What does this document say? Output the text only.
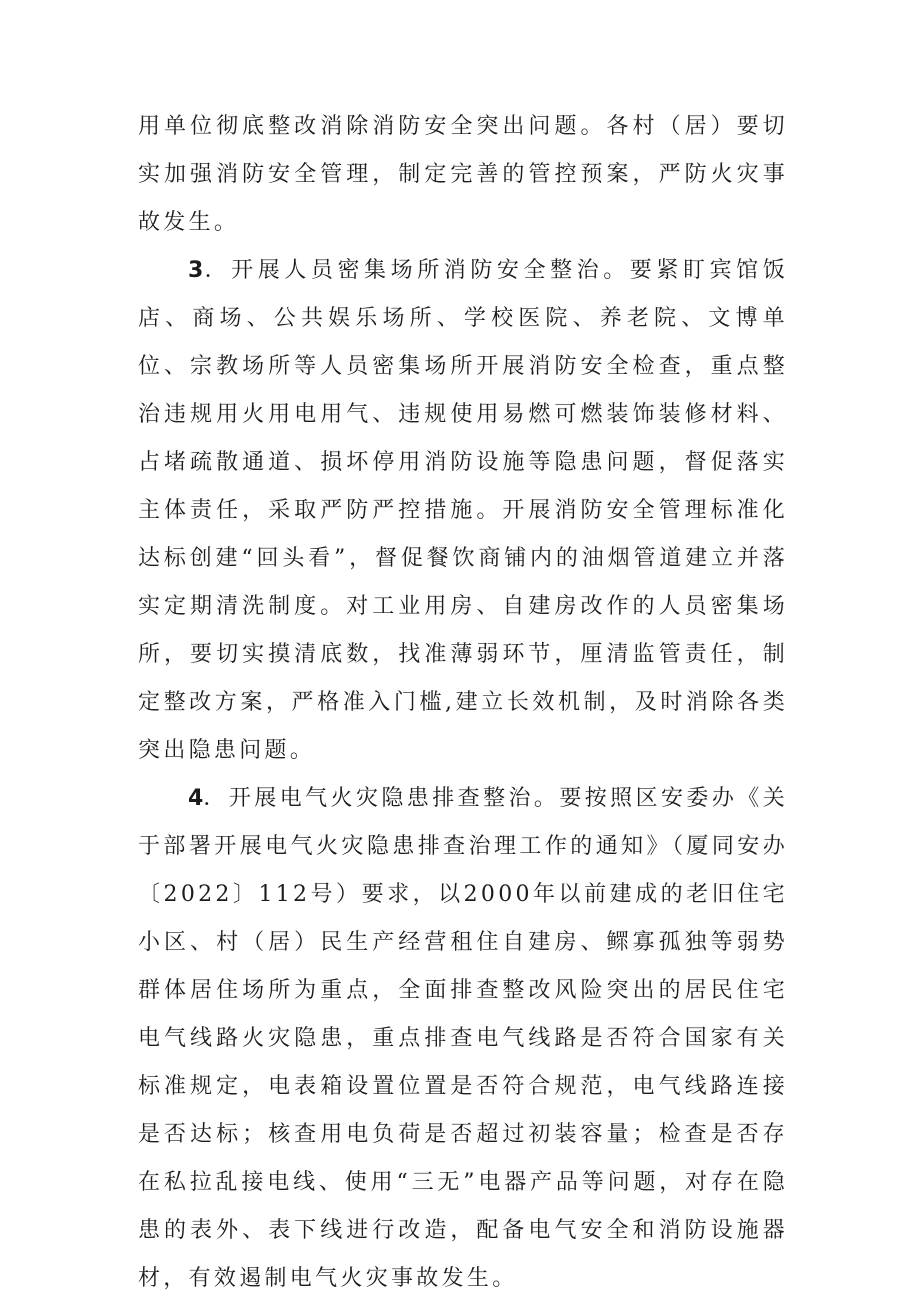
用单位彻底整改消除消防安全突出问题。各村（居）要切实加强消防安全管理，制定完善的管控预案，严防火灾事故发生。

3．开展人员密集场所消防安全整治。要紧盯宾馆饭店、商场、公共娱乐场所、学校医院、养老院、文博单位、宗教场所等人员密集场所开展消防安全检查，重点整治违规用火用电用气、违规使用易燃可燃装饰装修材料、占堵疏散通道、损坏停用消防设施等隐患问题，督促落实主体责任，采取严防严控措施。开展消防安全管理标准化达标创建“回头看”，督促餐饮商铺内的油烟管道建立并落实定期清洗制度。对工业用房、自建房改作的人员密集场所，要切实摸清底数，找准薄弱环节，厘清监管责任，制定整改方案，严格准入门槛,建立长效机制，及时消除各类突出隐患问题。

4．开展电气火灾隐患排查整治。要按照区安委办《关于部署开展电气火灾隐患排查治理工作的通知》（厦同安办〔2022〕112号）要求，以2000年以前建成的老旧住宅小区、村（居）民生产经营租住自建房、鳏寡孤独等弱势群体居住场所为重点，全面排查整改风险突出的居民住宅电气线路火灾隐患，重点排查电气线路是否符合国家有关标准规定，电表箱设置位置是否符合规范，电气线路连接是否达标；核查用电负荷是否超过初装容量；检查是否存在私拉乱接电线、使用“三无”电器产品等问题，对存在隐患的表外、表下线进行改造，配备电气安全和消防设施器材，有效遏制电气火灾事故发生。
